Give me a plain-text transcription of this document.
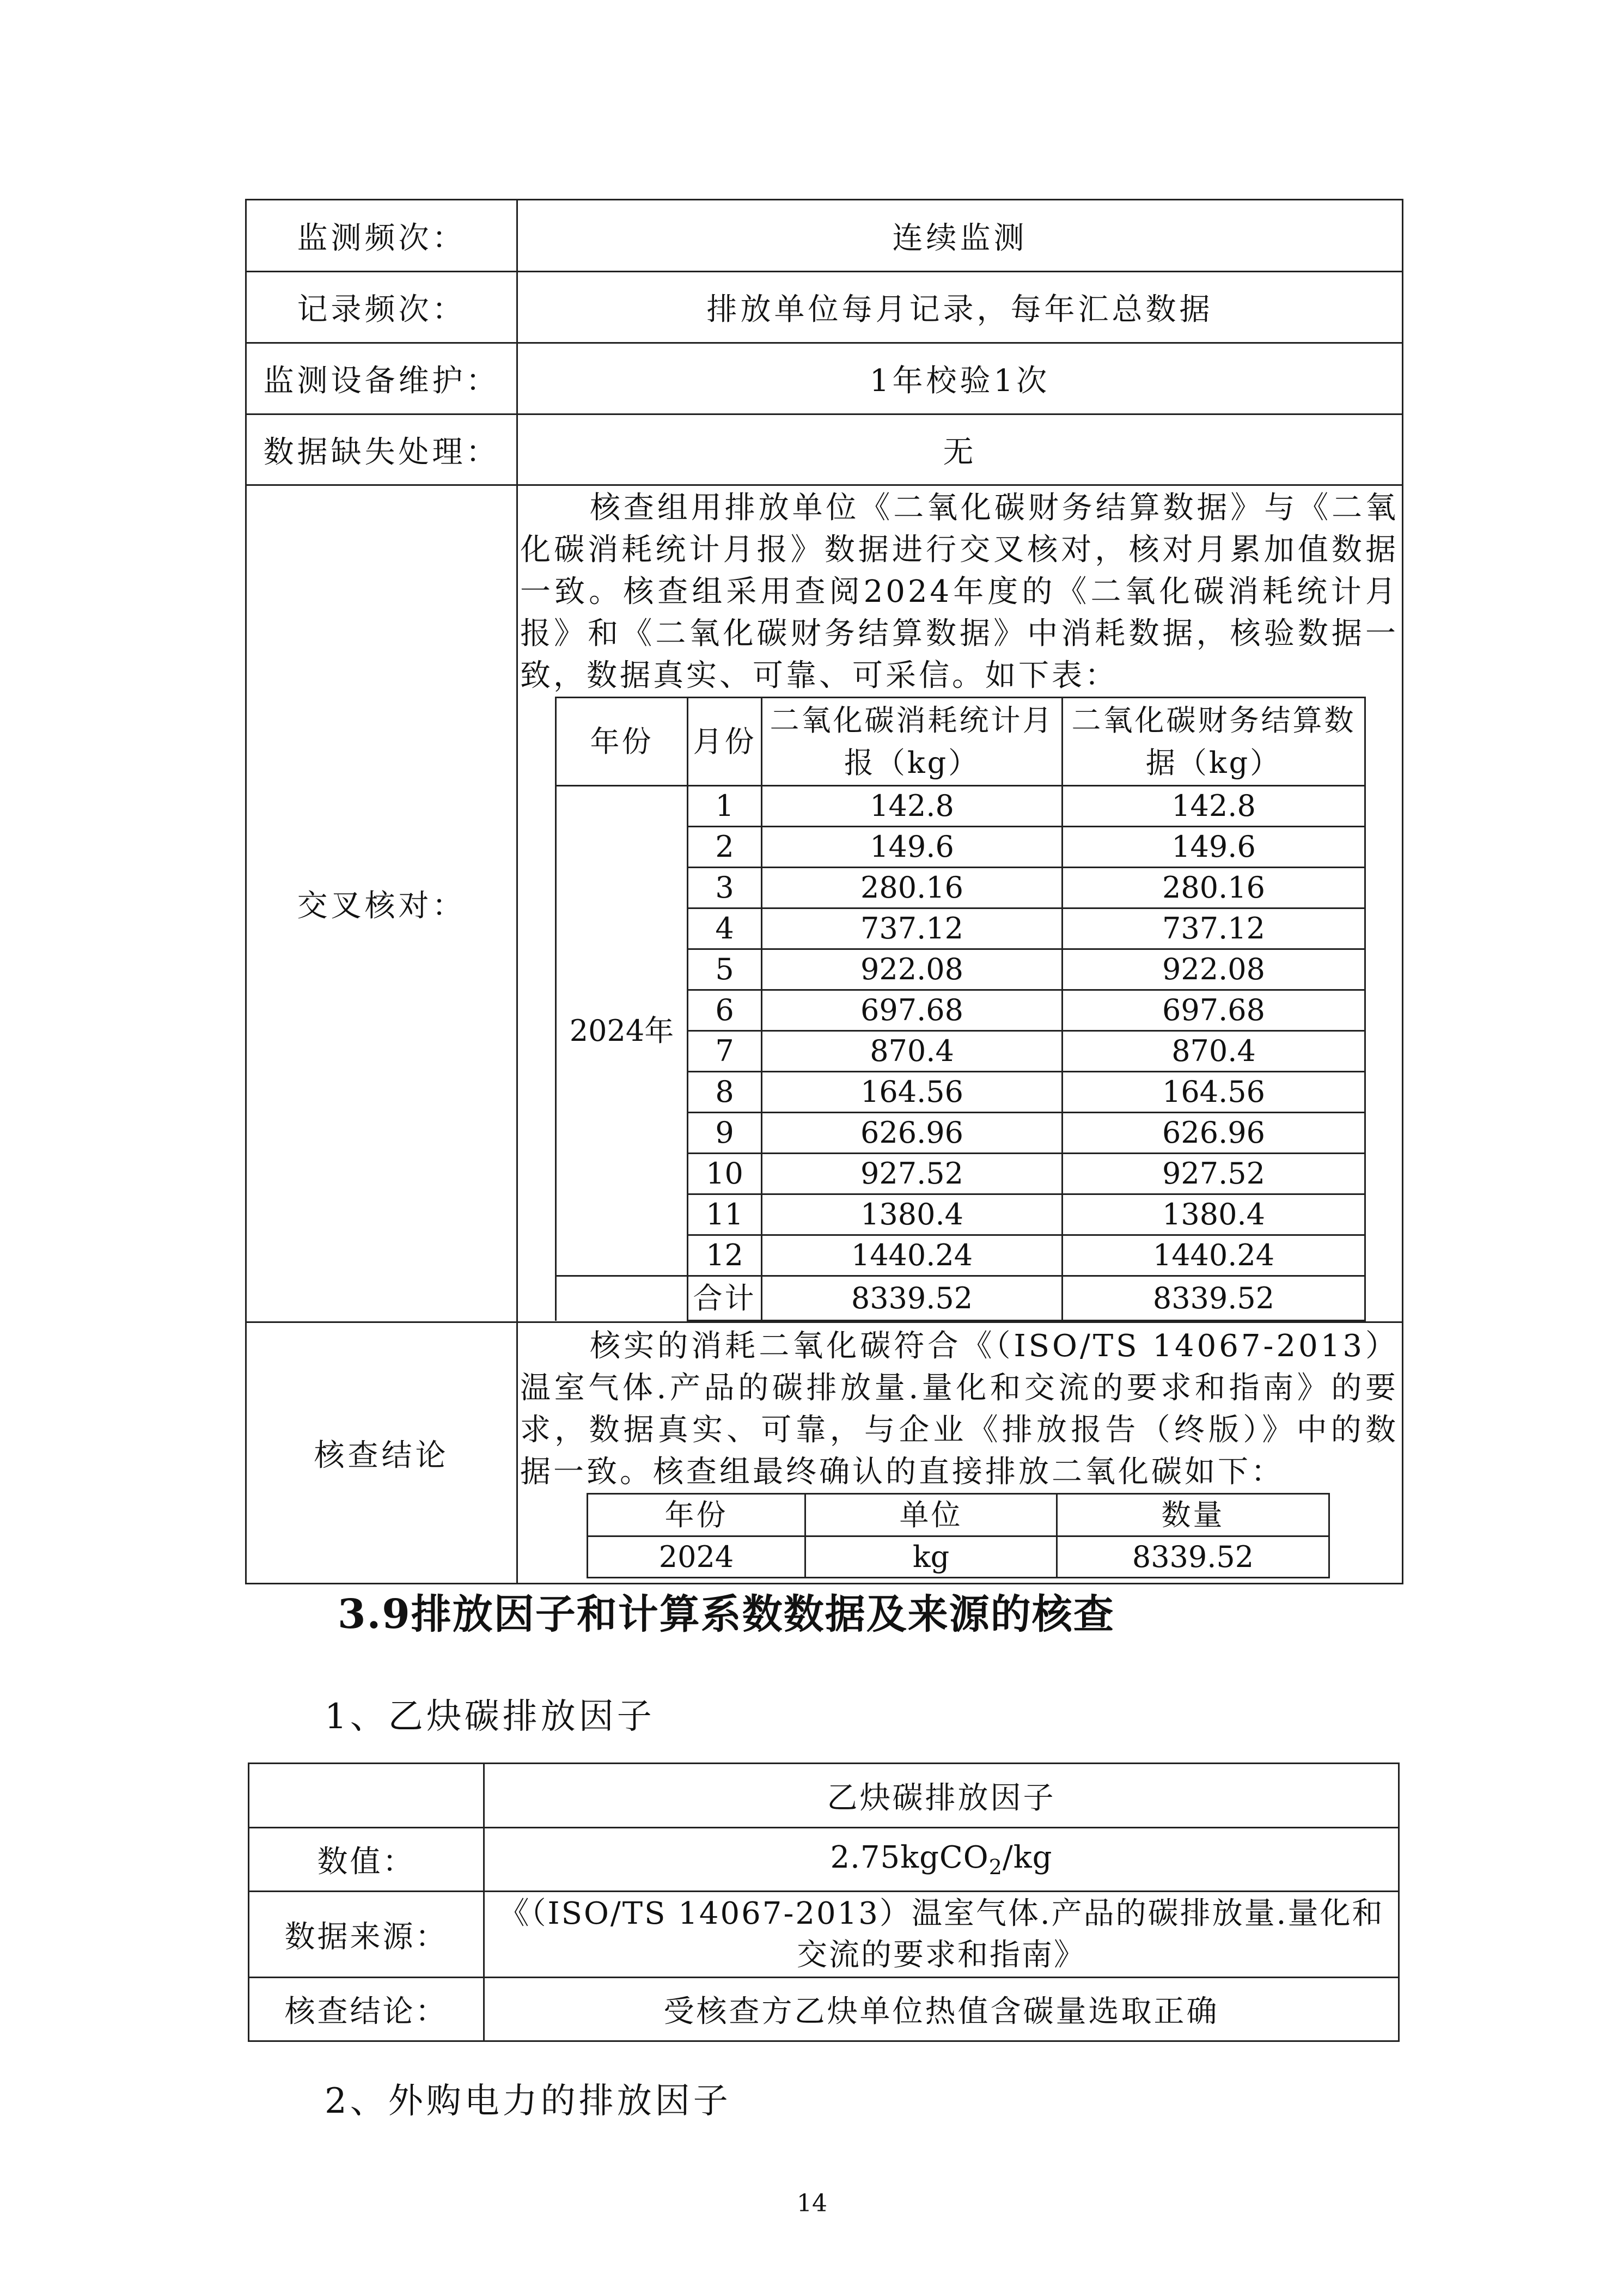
监测频次：	连续监测
记录频次：	排放单位每月记录，每年汇总数据
监测设备维护：	1年校验1次
数据缺失处理：	无
交叉核对：	
核查组用排放单位《二氧化碳财务结算数据》与《二氧化碳消耗统计月报》数据进行交叉核对，核对月累加值数据一致。核查组采用查阅2024年度的《二氧化碳消耗统计月报》和《二氧化碳财务结算数据》中消耗数据，核验数据一致，数据真实、可靠、可采信。如下表：
年份	月份	二氧化碳消耗统计月报（kg）	二氧化碳财务结算数据（kg）
2024年	1	142.8	142.8
2	149.6	149.6
3	280.16	280.16
4	737.12	737.12
5	922.08	922.08
6	697.68	697.68
7	870.4	870.4
8	164.56	164.56
9	626.96	626.96
10	927.52	927.52
11	1380.4	1380.4
12	1440.24	1440.24
	合计	8339.52	8339.52

核查结论	
核实的消耗二氧化碳符合《（ISO/TS 14067-2013）温室气体.产品的碳排放量.量化和交流的要求和指南》的要求，数据真实、可靠，与企业《排放报告（终版）》中的数据一致。核查组最终确认的直接排放二氧化碳如下：
年份	单位	数量
2024	kg	8339.52
3.9排放因子和计算系数数据及来源的核查
1、乙炔碳排放因子
	乙炔碳排放因子
数值：	2.75kgCO$_2$/kg
数据来源：	《（ISO/TS 14067-2013）温室气体.产品的碳排放量.量化和交流的要求和指南》
核查结论：	受核查方乙炔单位热值含碳量选取正确
2、外购电力的排放因子
14
